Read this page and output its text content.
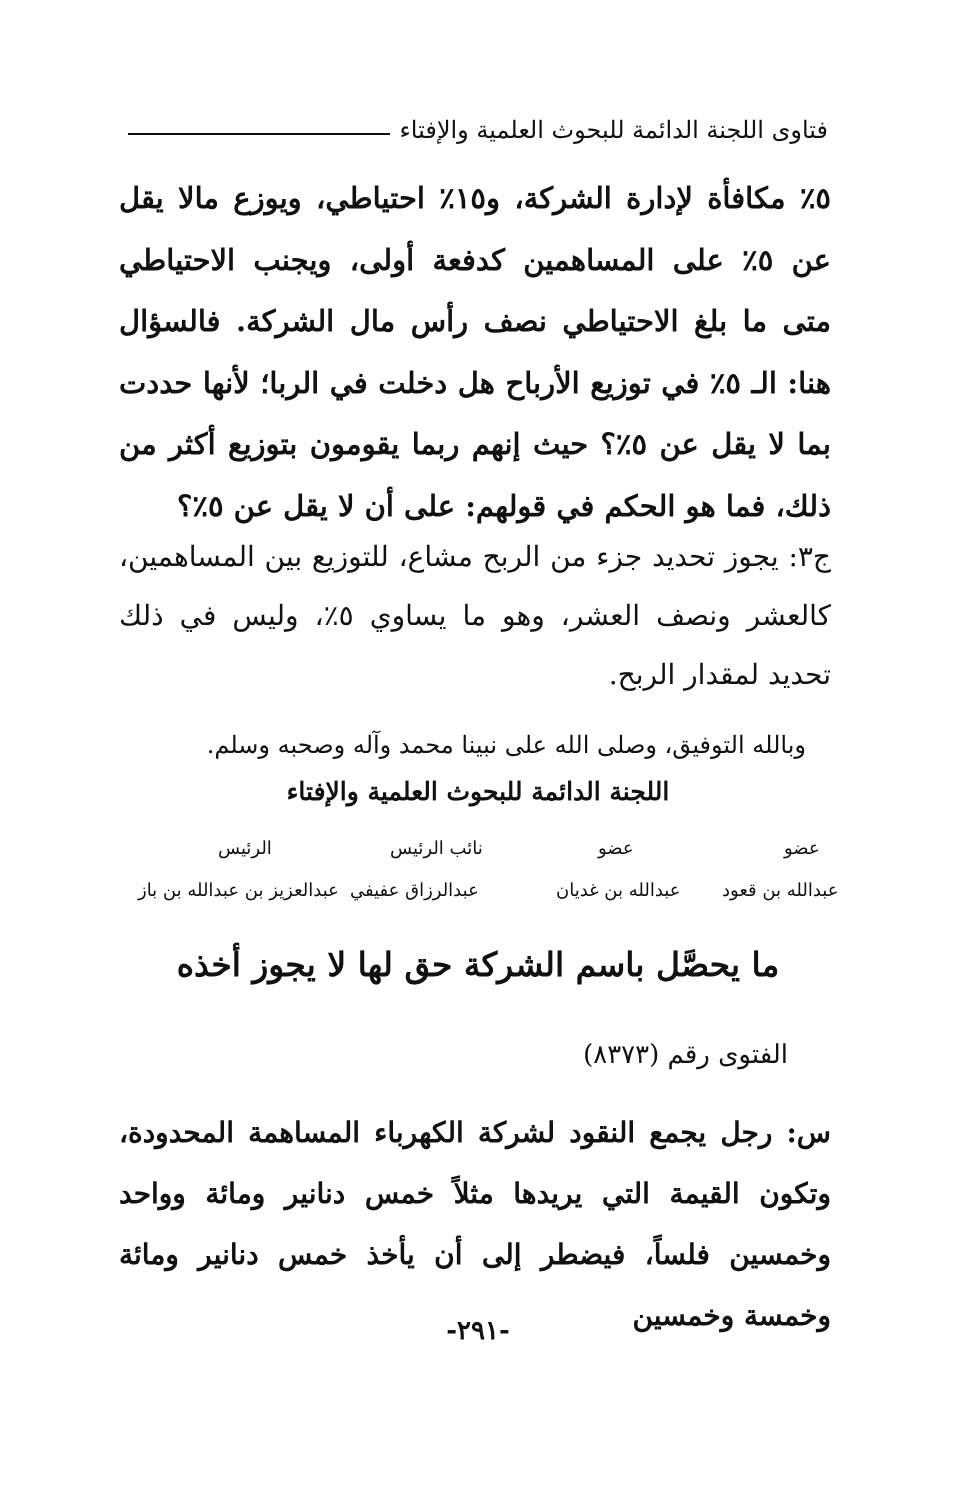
فتاوى اللجنة الدائمة للبحوث العلمية والإفتاء

٥٪ مكافأة لإدارة الشركة، و١٥٪ احتياطي، ويوزع مالا يقل عن ٥٪ على المساهمين كدفعة أولى، ويجنب الاحتياطي متى ما بلغ الاحتياطي نصف رأس مال الشركة. فالسؤال هنا: الـ ٥٪ في توزيع الأرباح هل دخلت في الربا؛ لأنها حددت بما لا يقل عن ٥٪؟ حيث إنهم ربما يقومون بتوزيع أكثر من ذلك، فما هو الحكم في قولهم: على أن لا يقل عن ٥٪؟

ج٣: يجوز تحديد جزء من الربح مشاع، للتوزيع بين المساهمين، كالعشر ونصف العشر، وهو ما يساوي ٥٪، وليس في ذلك تحديد لمقدار الربح.

وبالله التوفيق، وصلى الله على نبينا محمد وآله وصحبه وسلم.
اللجنة الدائمة للبحوث العلمية والإفتاء
عضو
عبدالله بن قعود
عضو
عبدالله بن غديان
نائب الرئيس
عبدالرزاق عفيفي
الرئيس
عبدالعزيز بن عبدالله بن باز
ما يحصَّل باسم الشركة حق لها لا يجوز أخذه
الفتوى رقم (٨٣٧٣)

س: رجل يجمع النقود لشركة الكهرباء المساهمة المحدودة، وتكون القيمة التي يريدها مثلاً خمس دنانير ومائة وواحد وخمسين فلساً، فيضطر إلى أن يأخذ خمس دنانير ومائة وخمسة وخمسين

-٢٩١-
